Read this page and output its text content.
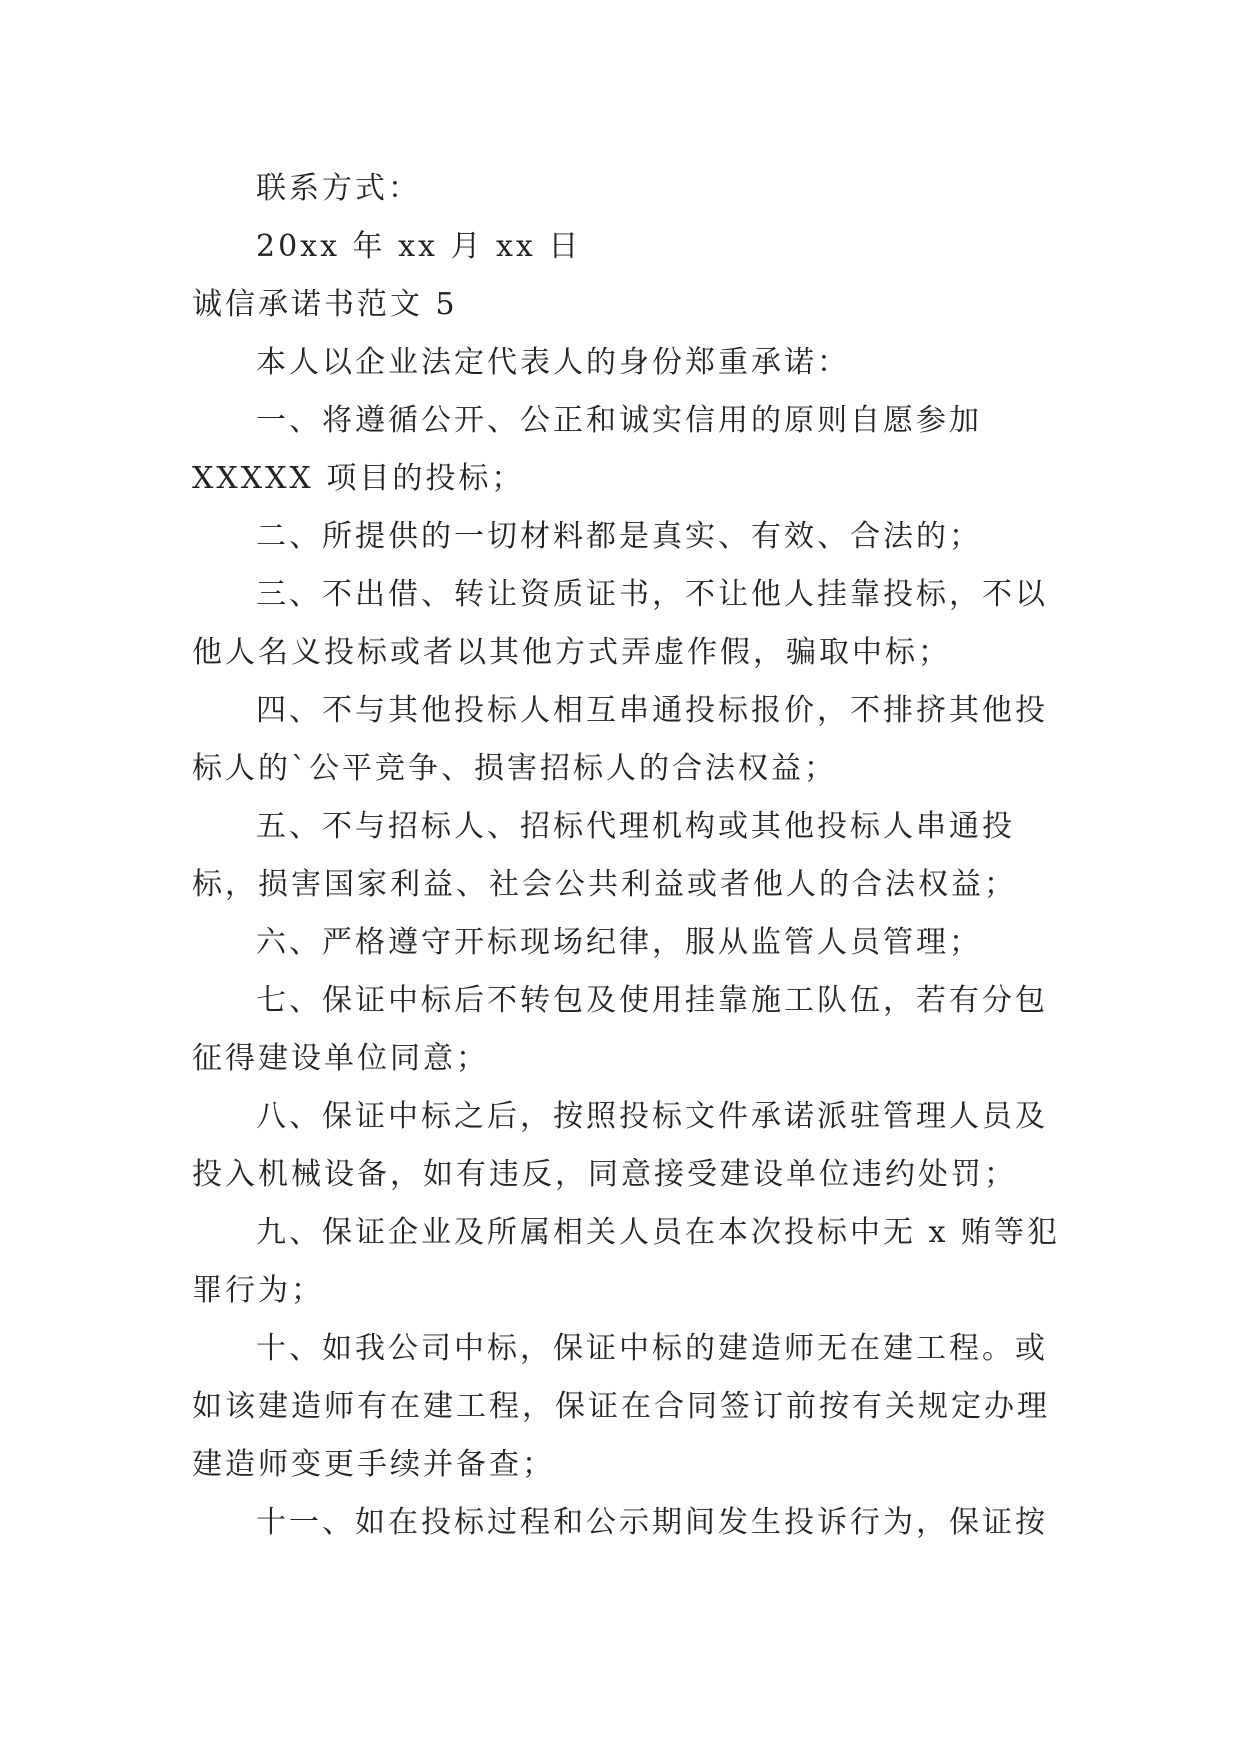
联系方式：

20xx 年 xx 月 xx 日

诚信承诺书范文 5

本人以企业法定代表人的身份郑重承诺：

一、将遵循公开、公正和诚实信用的原则自愿参加 XXXXX 项目的投标；

二、所提供的一切材料都是真实、有效、合法的；

三、不出借、转让资质证书，不让他人挂靠投标，不以他人名义投标或者以其他方式弄虚作假，骗取中标；

四、不与其他投标人相互串通投标报价，不排挤其他投标人的`公平竞争、损害招标人的合法权益；

五、不与招标人、招标代理机构或其他投标人串通投标，损害国家利益、社会公共利益或者他人的合法权益；

六、严格遵守开标现场纪律，服从监管人员管理；

七、保证中标后不转包及使用挂靠施工队伍，若有分包征得建设单位同意；

八、保证中标之后，按照投标文件承诺派驻管理人员及投入机械设备，如有违反，同意接受建设单位违约处罚；

九、保证企业及所属相关人员在本次投标中无 x 贿等犯罪行为；

十、如我公司中标，保证中标的建造师无在建工程。或如该建造师有在建工程，保证在合同签订前按有关规定办理建造师变更手续并备查；

十一、如在投标过程和公示期间发生投诉行为，保证按
